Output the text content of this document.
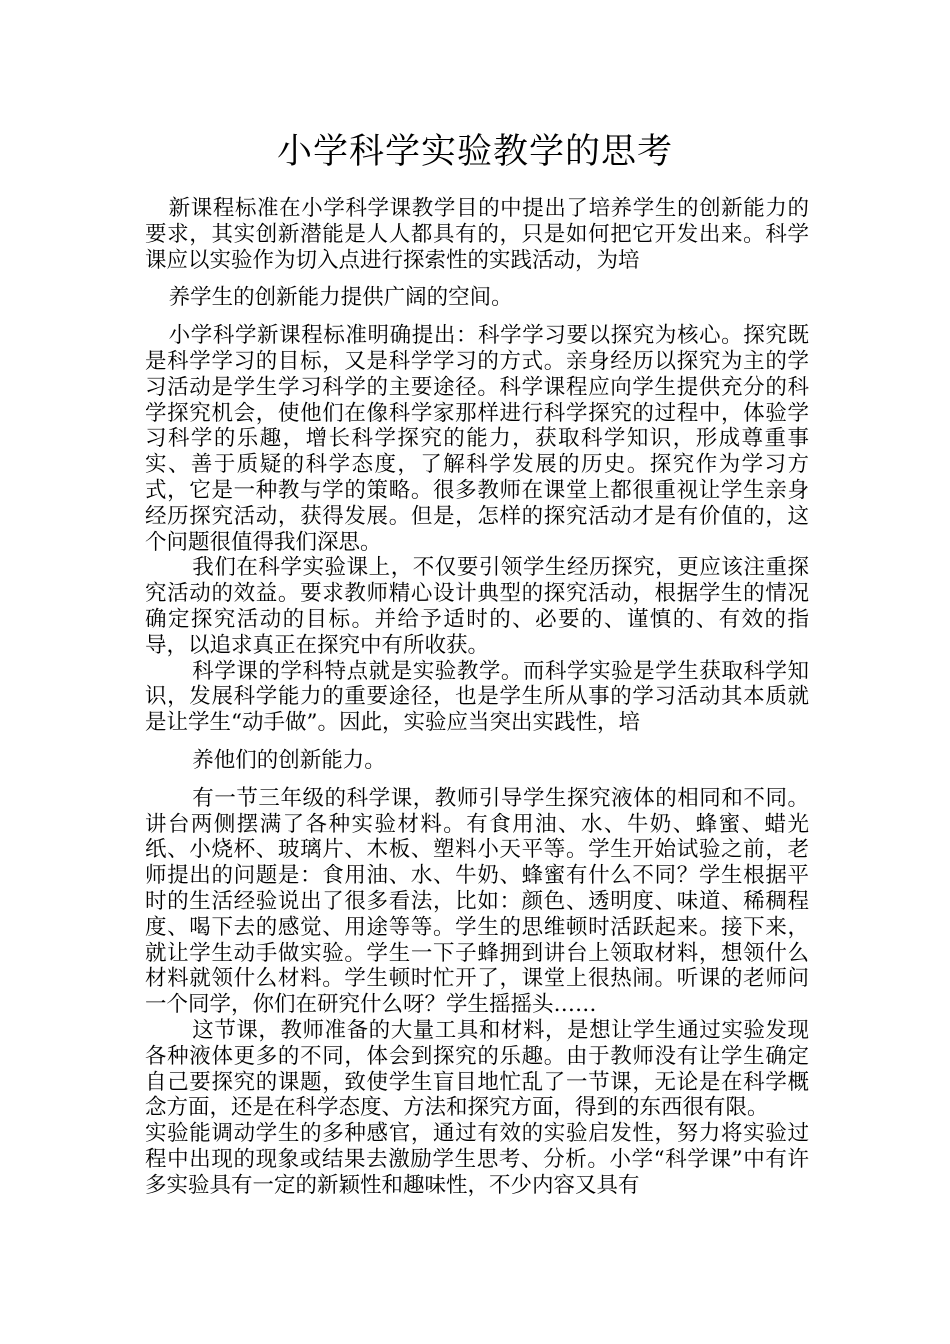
小学科学实验教学的思考

新课程标准在小学科学课教学目的中提出了培养学生的创新能力的要求，其实创新潜能是人人都具有的，只是如何把它开发出来。科学课应以实验作为切入点进行探索性的实践活动，为培
养学生的创新能力提供广阔的空间。

小学科学新课程标准明确提出：科学学习要以探究为核心。探究既是科学学习的目标，又是科学学习的方式。亲身经历以探究为主的学习活动是学生学习科学的主要途径。科学课程应向学生提供充分的科学探究机会，使他们在像科学家那样进行科学探究的过程中，体验学习科学的乐趣，增长科学探究的能力，获取科学知识，形成尊重事实、善于质疑的科学态度，了解科学发展的历史。探究作为学习方式，它是一种教与学的策略。很多教师在课堂上都很重视让学生亲身经历探究活动，获得发展。但是，怎样的探究活动才是有价值的，这个问题很值得我们深思。

我们在科学实验课上，不仅要引领学生经历探究，更应该注重探究活动的效益。要求教师精心设计典型的探究活动，根据学生的情况确定探究活动的目标。并给予适时的、必要的、谨慎的、有效的指导，以追求真正在探究中有所收获。

科学课的学科特点就是实验教学。而科学实验是学生获取科学知识，发展科学能力的重要途径，也是学生所从事的学习活动其本质就是让学生“动手做”。因此，实验应当突出实践性，培
养他们的创新能力。

有一节三年级的科学课，教师引导学生探究液体的相同和不同。讲台两侧摆满了各种实验材料。有食用油、水、牛奶、蜂蜜、蜡光纸、小烧杯、玻璃片、木板、塑料小天平等。学生开始试验之前，老师提出的问题是：食用油、水、牛奶、蜂蜜有什么不同？学生根据平时的生活经验说出了很多看法，比如：颜色、透明度、味道、稀稠程度、喝下去的感觉、用途等等。学生的思维顿时活跃起来。接下来，就让学生动手做实验。学生一下子蜂拥到讲台上领取材料，想领什么材料就领什么材料。学生顿时忙开了，课堂上很热闹。听课的老师问一个同学，你们在研究什么呀？学生摇摇头……

这节课，教师准备的大量工具和材料，是想让学生通过实验发现各种液体更多的不同，体会到探究的乐趣。由于教师没有让学生确定自己要探究的课题，致使学生盲目地忙乱了一节课，无论是在科学概念方面，还是在科学态度、方法和探究方面，得到的东西很有限。

实验能调动学生的多种感官，通过有效的实验启发性，努力将实验过程中出现的现象或结果去激励学生思考、分析。小学“科学课”中有许多实验具有一定的新颖性和趣味性，不少内容又具有
